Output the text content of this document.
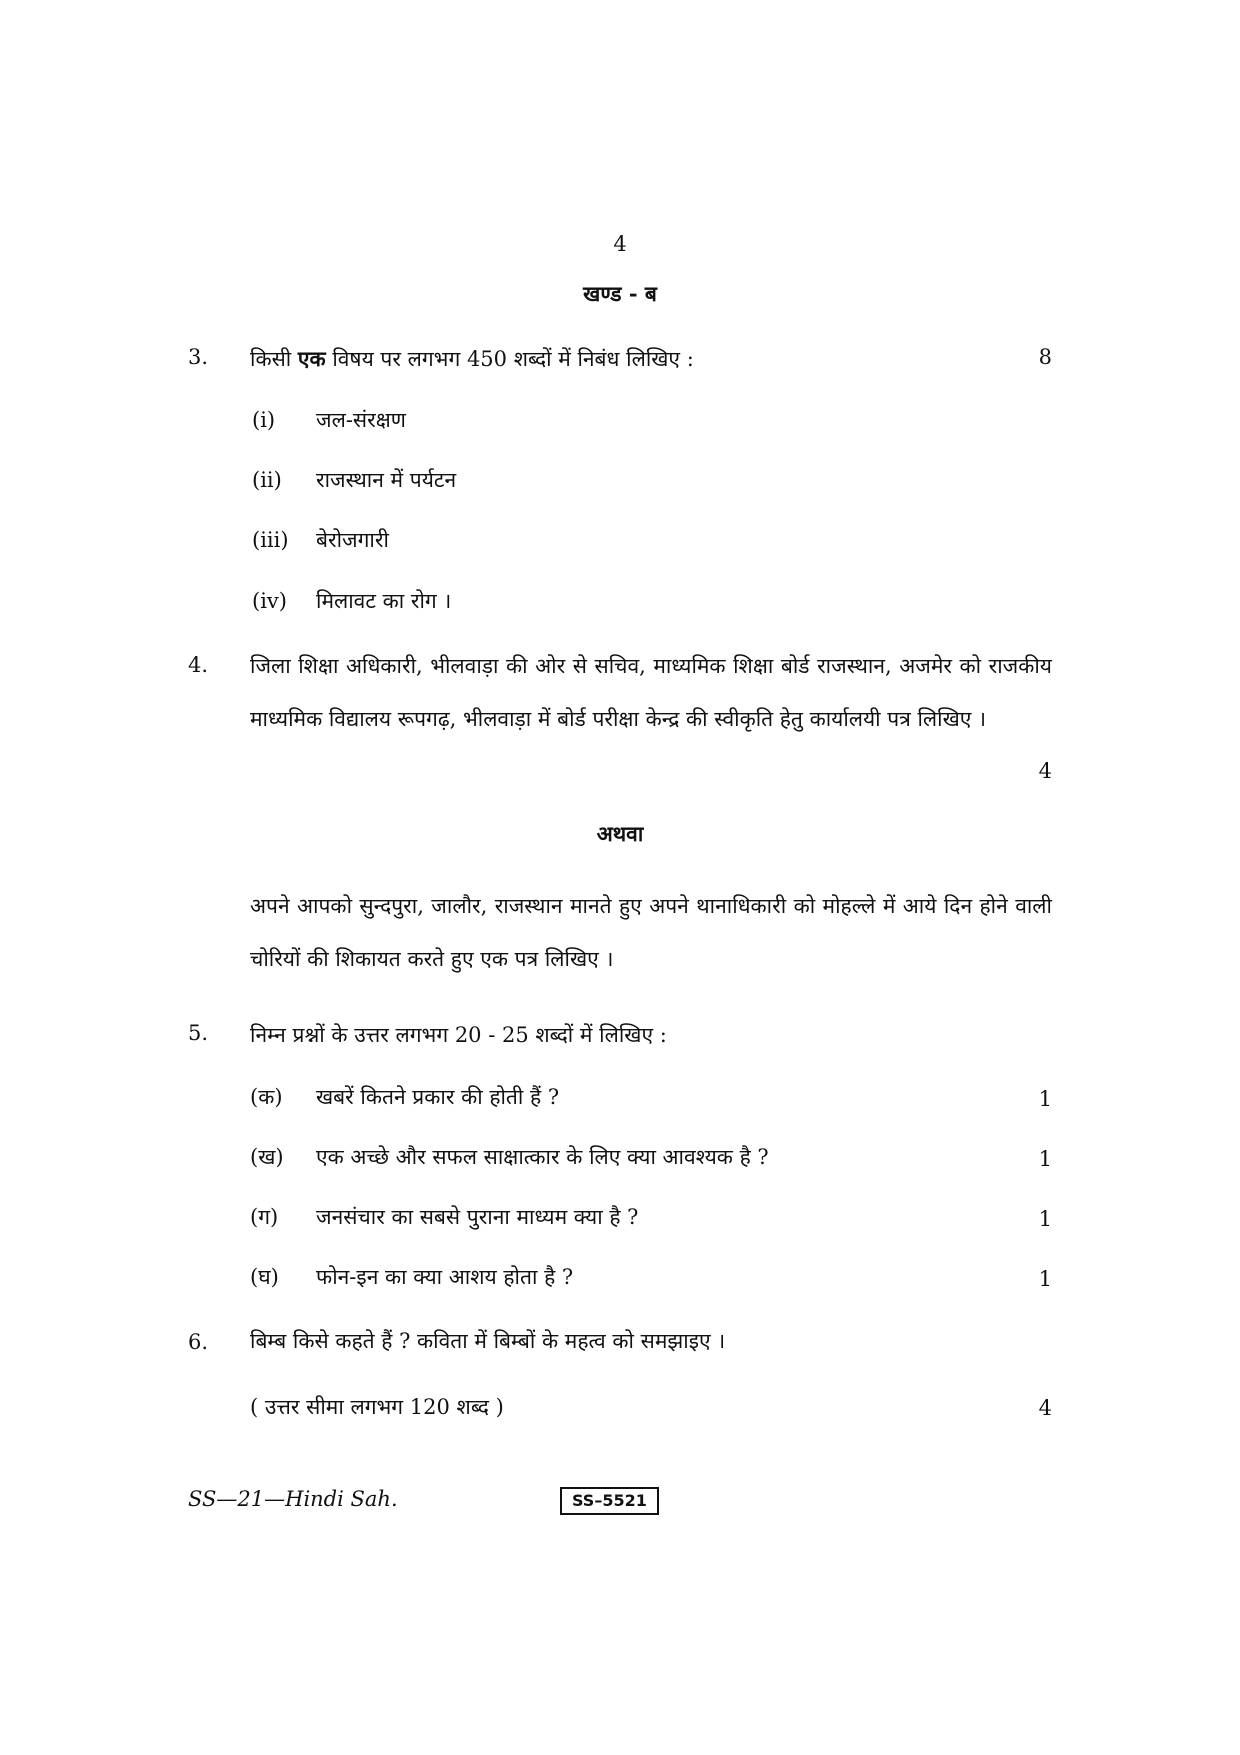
4
खण्ड - ब
3. किसी एक विषय पर लगभग 450 शब्दों में निबंध लिखिए :	8
(i) जल-संरक्षण
(ii) राजस्थान में पर्यटन
(iii) बेरोजगारी
(iv) मिलावट का रोग ।
4. जिला शिक्षा अधिकारी, भीलवाड़ा की ओर से सचिव, माध्यमिक शिक्षा बोर्ड राजस्थान, अजमेर को राजकीय माध्यमिक विद्यालय रूपगढ़, भीलवाड़ा में बोर्ड परीक्षा केन्द्र की स्वीकृति हेतु कार्यालयी पत्र लिखिए ।
4
अथवा
अपने आपको सुन्दपुरा, जालौर, राजस्थान मानते हुए अपने थानाधिकारी को मोहल्ले में आये दिन होने वाली चोरियों की शिकायत करते हुए एक पत्र लिखिए ।
5. निम्न प्रश्नों के उत्तर लगभग 20 - 25 शब्दों में लिखिए :
(क) खबरें कितने प्रकार की होती हैं ?	1
(ख) एक अच्छे और सफल साक्षात्कार के लिए क्या आवश्यक है ?	1
(ग) जनसंचार का सबसे पुराना माध्यम क्या है ?	1
(घ) फोन-इन का क्या आशय होता है ?	1
6. बिम्ब किसे कहते हैं ? कविता में बिम्बों के महत्व को समझाइए ।
( उत्तर सीमा लगभग 120 शब्द )	4
SS—21—Hindi Sah.	SS–5521
